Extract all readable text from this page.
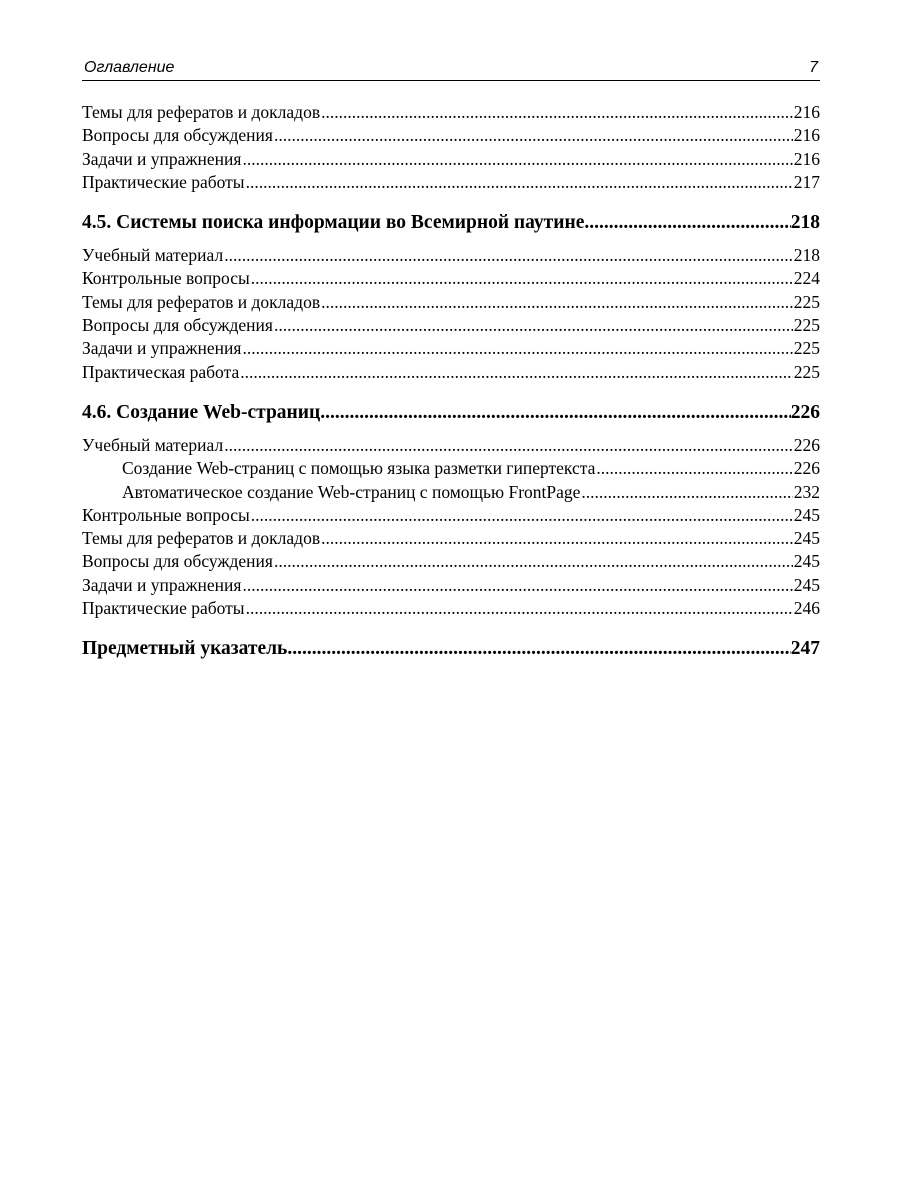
Оглавление	7
Темы для рефератов и докладов .....	216
Вопросы для обсуждения .....	216
Задачи и упражнения .....	216
Практические работы .....	217
4.5. Системы поиска информации во Всемирной паутине .....	218
Учебный материал .....	218
Контрольные вопросы .....	224
Темы для рефератов и докладов .....	225
Вопросы для обсуждения .....	225
Задачи и упражнения .....	225
Практическая работа .....	225
4.6. Создание Web-страниц .....	226
Учебный материал .....	226
Создание Web-страниц с помощью языка разметки гипертекста .....	226
Автоматическое создание Web-страниц с помощью FrontPage .....	232
Контрольные вопросы .....	245
Темы для рефератов и докладов .....	245
Вопросы для обсуждения .....	245
Задачи и упражнения .....	245
Практические работы .....	246
Предметный указатель .....	247
